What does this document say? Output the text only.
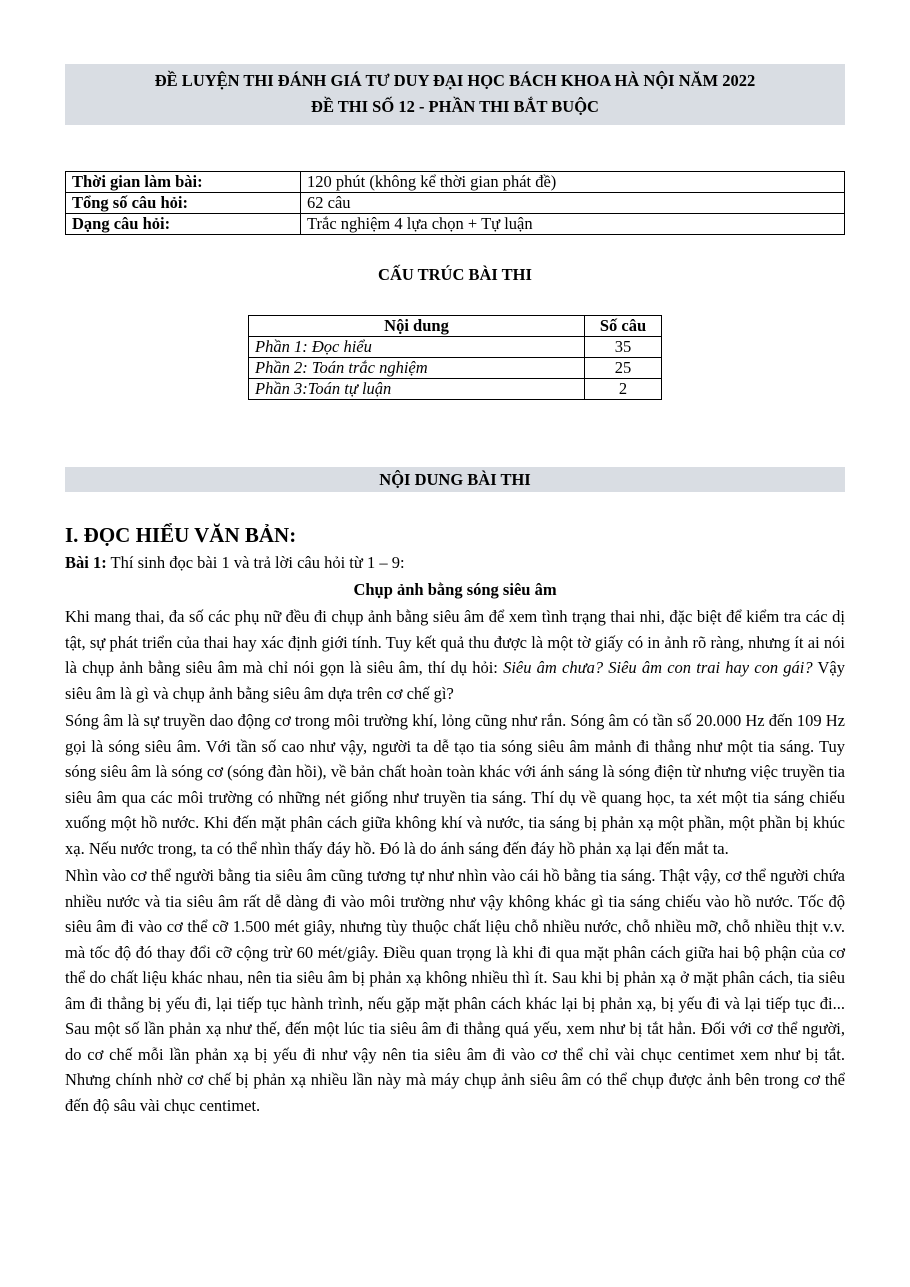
ĐỀ LUYỆN THI ĐÁNH GIÁ TƯ DUY ĐẠI HỌC BÁCH KHOA HÀ NỘI NĂM 2022
ĐỀ THI SỐ 12 - PHẦN THI BẮT BUỘC
Thời gian làm bài:	120 phút (không kể thời gian phát đề)
Tổng số câu hỏi:	62 câu
Dạng câu hỏi:	Trắc nghiệm 4 lựa chọn + Tự luận
CẤU TRÚC BÀI THI
Nội dung	Số câu
Phần 1: Đọc hiểu	35
Phần 2: Toán trắc nghiệm	25
Phần 3:Toán tự luận	2
NỘI DUNG BÀI THI
I. ĐỌC HIỂU VĂN BẢN:
Bài 1: Thí sinh đọc bài 1 và trả lời câu hỏi từ 1 – 9:
Chụp ảnh bằng sóng siêu âm

Khi mang thai, đa số các phụ nữ đều đi chụp ảnh bằng siêu âm để xem tình trạng thai nhi, đặc biệt để kiểm tra các dị tật, sự phát triển của thai hay xác định giới tính. Tuy kết quả thu được là một tờ giấy có in ảnh rõ ràng, nhưng ít ai nói là chụp ảnh bằng siêu âm mà chỉ nói gọn là siêu âm, thí dụ hỏi: Siêu âm chưa? Siêu âm con trai hay con gái? Vậy siêu âm là gì và chụp ảnh bằng siêu âm dựa trên cơ chế gì?

Sóng âm là sự truyền dao động cơ trong môi trường khí, lỏng cũng như rắn. Sóng âm có tần số 20.000 Hz đến 109 Hz gọi là sóng siêu âm. Với tần số cao như vậy, người ta dễ tạo tia sóng siêu âm mảnh đi thẳng như một tia sáng. Tuy sóng siêu âm là sóng cơ (sóng đàn hồi), về bản chất hoàn toàn khác với ánh sáng là sóng điện từ nhưng việc truyền tia siêu âm qua các môi trường có những nét giống như truyền tia sáng. Thí dụ về quang học, ta xét một tia sáng chiếu xuống một hồ nước. Khi đến mặt phân cách giữa không khí và nước, tia sáng bị phản xạ một phần, một phần bị khúc xạ. Nếu nước trong, ta có thể nhìn thấy đáy hồ. Đó là do ánh sáng đến đáy hồ phản xạ lại đến mắt ta.

Nhìn vào cơ thể người bằng tia siêu âm cũng tương tự như nhìn vào cái hồ bằng tia sáng. Thật vậy, cơ thể người chứa nhiều nước và tia siêu âm rất dễ dàng đi vào môi trường như vậy không khác gì tia sáng chiếu vào hồ nước. Tốc độ siêu âm đi vào cơ thể cỡ 1.500 mét giây, nhưng tùy thuộc chất liệu chỗ nhiều nước, chỗ nhiều mỡ, chỗ nhiều thịt v.v. mà tốc độ đó thay đổi cỡ cộng trừ 60 mét/giây. Điều quan trọng là khi đi qua mặt phân cách giữa hai bộ phận của cơ thể do chất liệu khác nhau, nên tia siêu âm bị phản xạ không nhiều thì ít. Sau khi bị phản xạ ở mặt phân cách, tia siêu âm đi thẳng bị yếu đi, lại tiếp tục hành trình, nếu gặp mặt phân cách khác lại bị phản xạ, bị yếu đi và lại tiếp tục đi... Sau một số lần phản xạ như thế, đến một lúc tia siêu âm đi thẳng quá yếu, xem như bị tắt hẳn. Đối với cơ thể người, do cơ chế mỗi lần phản xạ bị yếu đi như vậy nên tia siêu âm đi vào cơ thể chỉ vài chục centimet xem như bị tắt. Nhưng chính nhờ cơ chế bị phản xạ nhiều lần này mà máy chụp ảnh siêu âm có thể chụp được ảnh bên trong cơ thể đến độ sâu vài chục centimet.
